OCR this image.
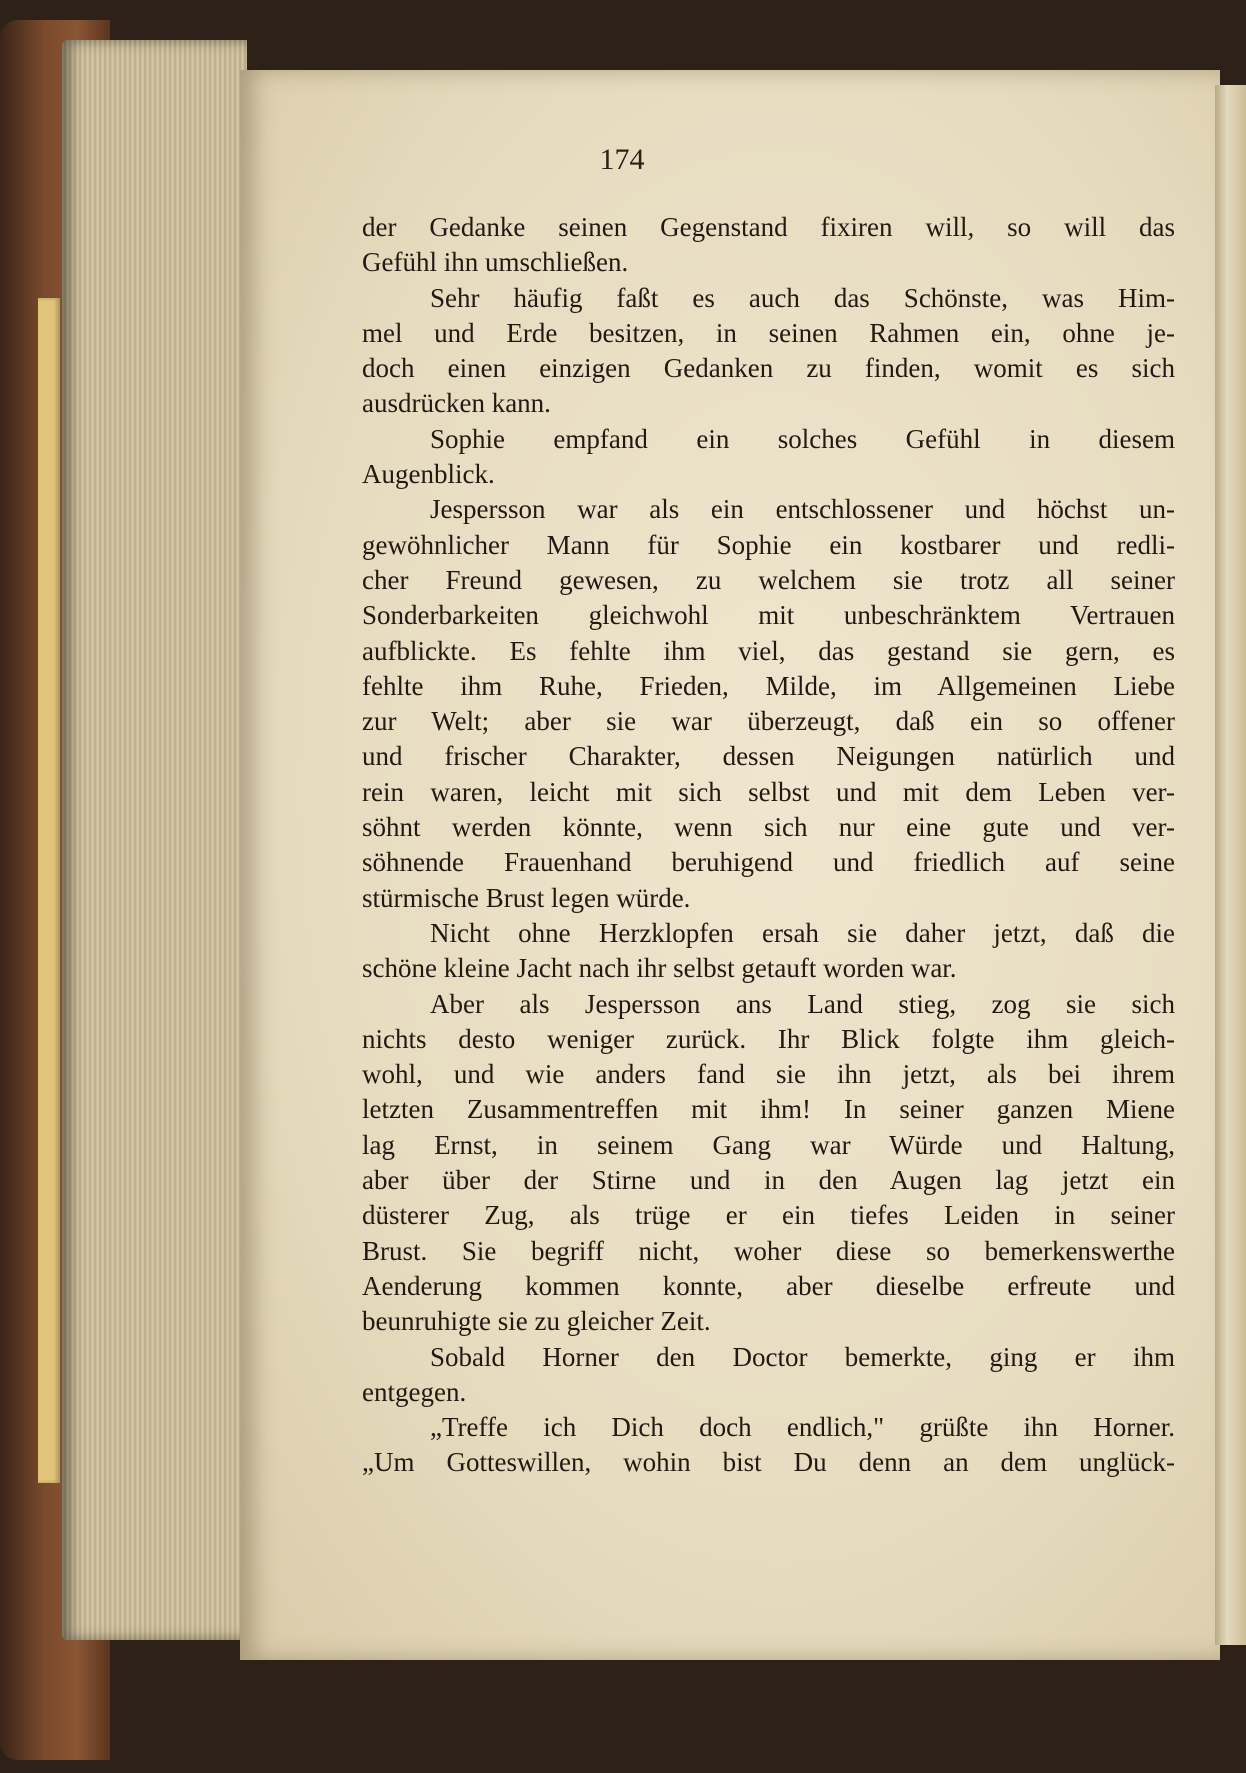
174
der Gedanke seinen Gegenstand fixiren will, so will das
Gefühl ihn umschließen.
Sehr häufig faßt es auch das Schönste, was Him-
mel und Erde besitzen, in seinen Rahmen ein, ohne je-
doch einen einzigen Gedanken zu finden, womit es sich
ausdrücken kann.
Sophie empfand ein solches Gefühl in diesem
Augenblick.
Jespersson war als ein entschlossener und höchst un-
gewöhnlicher Mann für Sophie ein kostbarer und redli-
cher Freund gewesen, zu welchem sie trotz all seiner
Sonderbarkeiten gleichwohl mit unbeschränktem Vertrauen
aufblickte. Es fehlte ihm viel, das gestand sie gern, es
fehlte ihm Ruhe, Frieden, Milde, im Allgemeinen Liebe
zur Welt; aber sie war überzeugt, daß ein so offener
und frischer Charakter, dessen Neigungen natürlich und
rein waren, leicht mit sich selbst und mit dem Leben ver-
söhnt werden könnte, wenn sich nur eine gute und ver-
söhnende Frauenhand beruhigend und friedlich auf seine
stürmische Brust legen würde.
Nicht ohne Herzklopfen ersah sie daher jetzt, daß die
schöne kleine Jacht nach ihr selbst getauft worden war.
Aber als Jespersson ans Land stieg, zog sie sich
nichts desto weniger zurück. Ihr Blick folgte ihm gleich-
wohl, und wie anders fand sie ihn jetzt, als bei ihrem
letzten Zusammentreffen mit ihm! In seiner ganzen Miene
lag Ernst, in seinem Gang war Würde und Haltung,
aber über der Stirne und in den Augen lag jetzt ein
düsterer Zug, als trüge er ein tiefes Leiden in seiner
Brust. Sie begriff nicht, woher diese so bemerkenswerthe
Aenderung kommen konnte, aber dieselbe erfreute und
beunruhigte sie zu gleicher Zeit.
Sobald Horner den Doctor bemerkte, ging er ihm
entgegen.
„Treffe ich Dich doch endlich," grüßte ihn Horner.
„Um Gotteswillen, wohin bist Du denn an dem unglück-
